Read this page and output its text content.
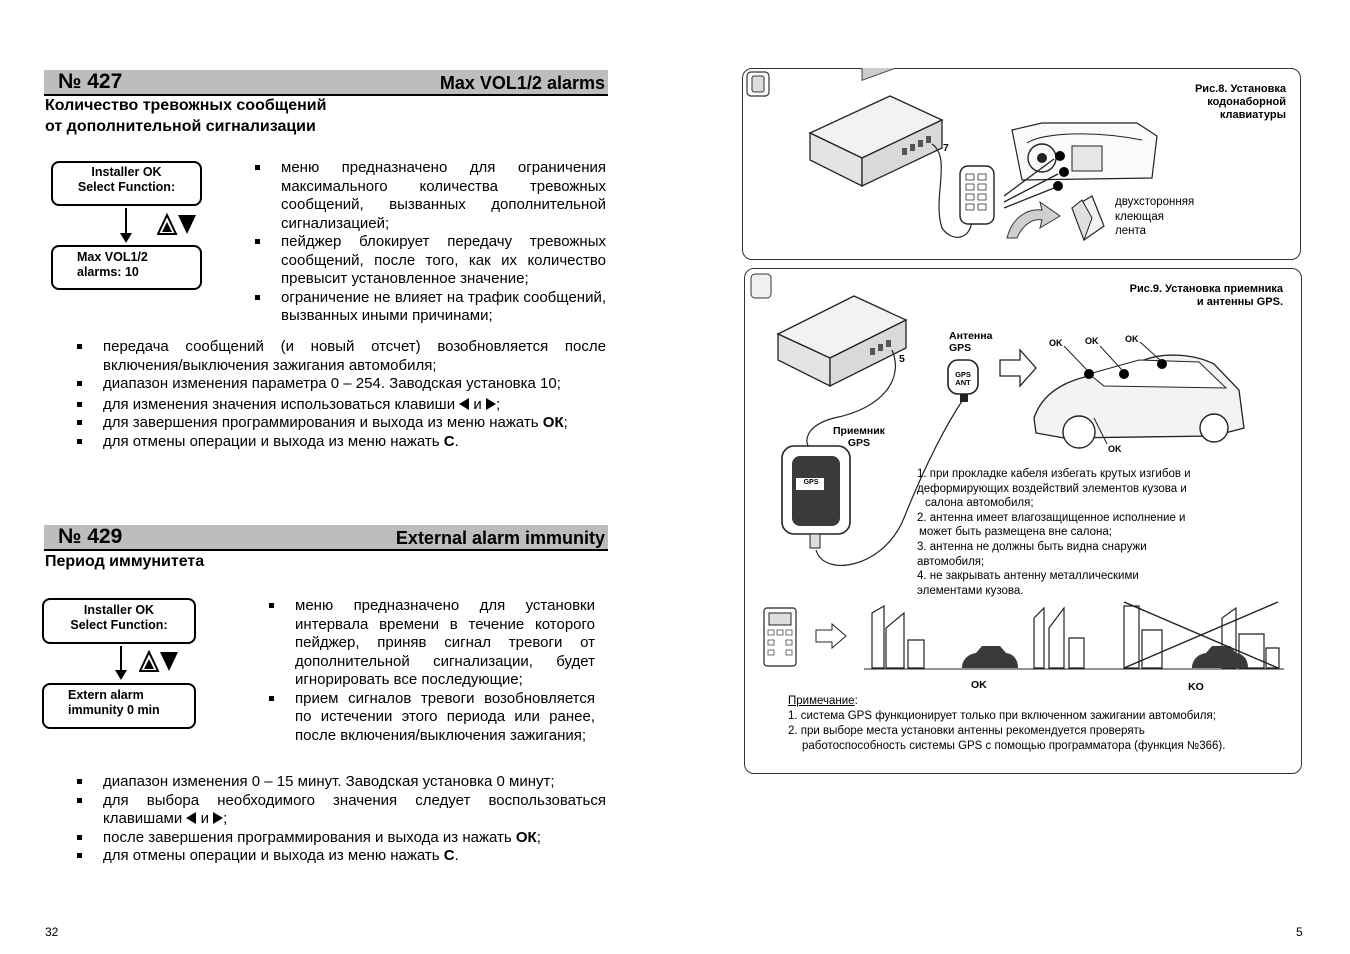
№ 427	Max VOL1/2 alarms
Количество тревожных сообщений
от дополнительной сигнализации
Installer OK
Select Function:
Max VOL1/2
alarms: 10
меню предназначено для ограничения максимального количества тревожных сообщений, вызванных дополнительной сигнализацией;
пейджер блокирует передачу тревожных сообщений, после того, как их количество превысит установленное значение;
ограничение не влияет на трафик сообщений, вызванных иными причинами;
передача сообщений (и новый отсчет) возобновляется после включения/выключения зажигания автомобиля;
диапазон изменения параметра 0 – 254. Заводская установка 10;
для изменения значения использоваться клавиши и ;
для завершения программирования и выхода из меню нажать ОК;
для отмены операции и выхода из меню нажать С.
№ 429	External alarm immunity
Период иммунитета
Installer OK
Select Function:
Extern alarm
immunity 0 min
меню предназначено для установки интервала времени в течение которого пейджер, приняв сигнал тревоги от дополнительной сигнализации, будет игнорировать все последующие;
прием сигналов тревоги возобновляется по истечении этого периода или ранее, после включения/выключения зажигания;
диапазон изменения 0 – 15 минут. Заводская установка 0 минут;
для выбора необходимого значения следует воспользоваться клавишами и ;
после завершения программирования и выхода из нажать ОК;
для отмены операции и выхода из меню нажать С.
32
7
Рис.8. Установка
кодонаборной
клавиатуры
двухсторонняя
клеющая
лента
Рис.9. Установка приемника
и антенны GPS.
5
Антенна
GPS
GPS ANT
Приемник
GPS
GPS
OK	OK	OK
OK
1. при прокладке кабеля избегать крутых изгибов и
деформирующих воздействий элементов кузова и
салона автомобиля;
2. антенна имеет влагозащищенное исполнение и
может быть размещена вне салона;
3. антенна не должны быть видна снаружи
автомобиля;
4. не закрывать антенну металлическими
элементами кузова.
OK	KO
Примечание:
1. система GPS функционирует только при включенном зажигании автомобиля;
2. при выборе места установки антенны рекомендуется проверять
работоспособность системы GPS с помощью программатора (функция №366).
5
